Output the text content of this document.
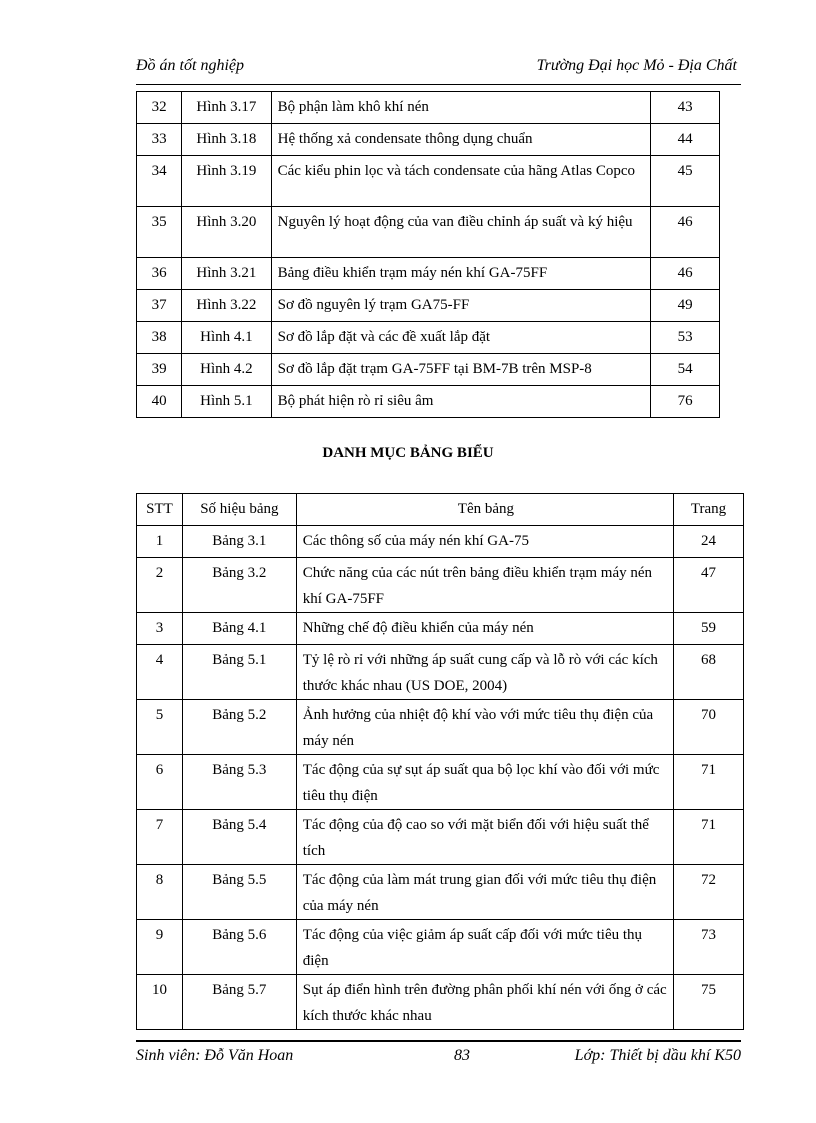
Đồ án tốt nghiệp	Trường Đại học Mỏ - Địa Chất
32	Hình 3.17	Bộ phận làm khô khí nén	43
33	Hình 3.18	Hệ thống xả condensate thông dụng chuẩn	44
34	Hình 3.19	Các kiểu phin lọc và tách condensate của hãng Atlas Copco	45
35	Hình 3.20	Nguyên lý hoạt động của van điều chỉnh áp suất và ký hiệu	46
36	Hình 3.21	Bảng điều khiển trạm máy nén khí GA-75FF	46
37	Hình 3.22	Sơ đồ nguyên lý trạm GA75-FF	49
38	Hình 4.1	Sơ đồ lắp đặt và các đề xuất lắp đặt	53
39	Hình 4.2	Sơ đồ lắp đặt trạm GA-75FF tại BM-7B trên MSP-8	54
40	Hình 5.1	Bộ phát hiện rò rỉ siêu âm	76
DANH MỤC BẢNG BIỂU
STT	Số hiệu bảng	Tên bảng	Trang
1	Bảng 3.1	Các thông số của máy nén khí GA-75	24
2	Bảng 3.2	Chức năng của các nút trên bảng điều khiển trạm máy nén khí GA-75FF	47
3	Bảng 4.1	Những chế độ điều khiển của máy nén	59
4	Bảng 5.1	Tỷ lệ rò rỉ với những áp suất cung cấp và lỗ rò với các kích thước khác nhau (US DOE, 2004)	68
5	Bảng 5.2	Ảnh hưởng của nhiệt độ khí vào với mức tiêu thụ điện của máy nén	70
6	Bảng 5.3	Tác động của sự sụt áp suất qua bộ lọc khí vào đối với mức tiêu thụ điện	71
7	Bảng 5.4	Tác động của độ cao so với mặt biển đối với hiệu suất thể tích	71
8	Bảng 5.5	Tác động của làm mát trung gian đối với mức tiêu thụ điện của máy nén	72
9	Bảng 5.6	Tác động của việc giảm áp suất cấp đối với mức tiêu thụ điện	73
10	Bảng 5.7	Sụt áp điển hình trên đường phân phối khí nén với ống ở các kích thước khác nhau	75
Sinh viên: Đỗ Văn Hoan	83	Lớp: Thiết bị dầu khí K50
